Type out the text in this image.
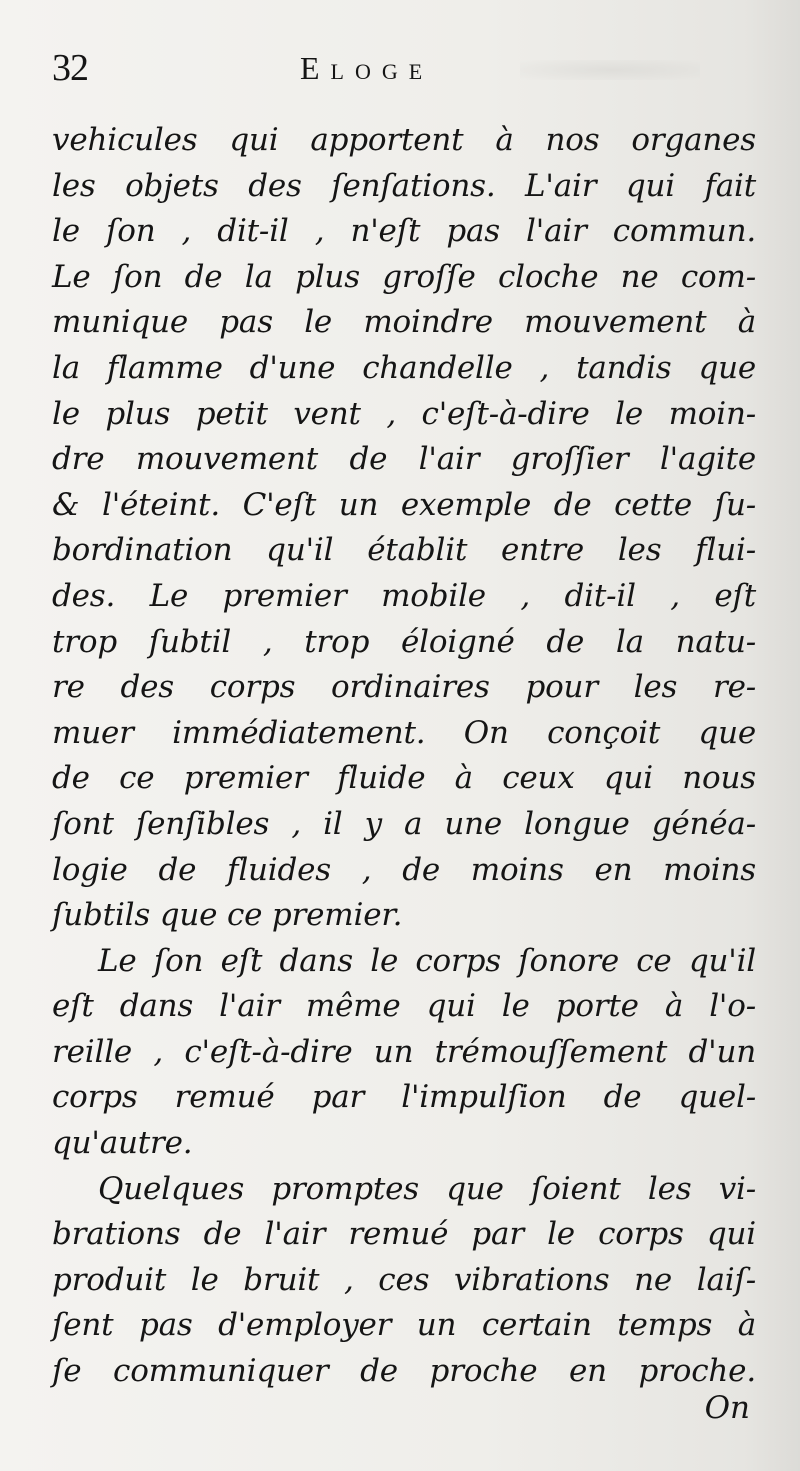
32	Eloge
vehicules qui apportent à nos organes
les objets des ſenſations. L'air qui fait
le ſon , dit-il , n'eſt pas l'air commun.
Le ſon de la plus groſſe cloche ne com-
munique pas le moindre mouvement à
la flamme d'une chandelle , tandis que
le plus petit vent , c'eſt-à-dire le moin-
dre mouvement de l'air groſſier l'agite
& l'éteint. C'eſt un exemple de cette ſu-
bordination qu'il établit entre les flui-
des. Le premier mobile , dit-il , eſt
trop ſubtil , trop éloigné de la natu-
re des corps ordinaires pour les re-
muer immédiatement. On conçoit que
de ce premier fluide à ceux qui nous
ſont ſenſibles , il y a une longue généa-
logie de fluides , de moins en moins
ſubtils que ce premier.
Le ſon eſt dans le corps ſonore ce qu'il
eſt dans l'air même qui le porte à l'o-
reille , c'eſt-à-dire un trémouſſement d'un
corps remué par l'impulſion de quel-
qu'autre.
Quelques promptes que ſoient les vi-
brations de l'air remué par le corps qui
produit le bruit , ces vibrations ne laiſ-
ſent pas d'employer un certain temps à
ſe communiquer de proche en proche.
On
